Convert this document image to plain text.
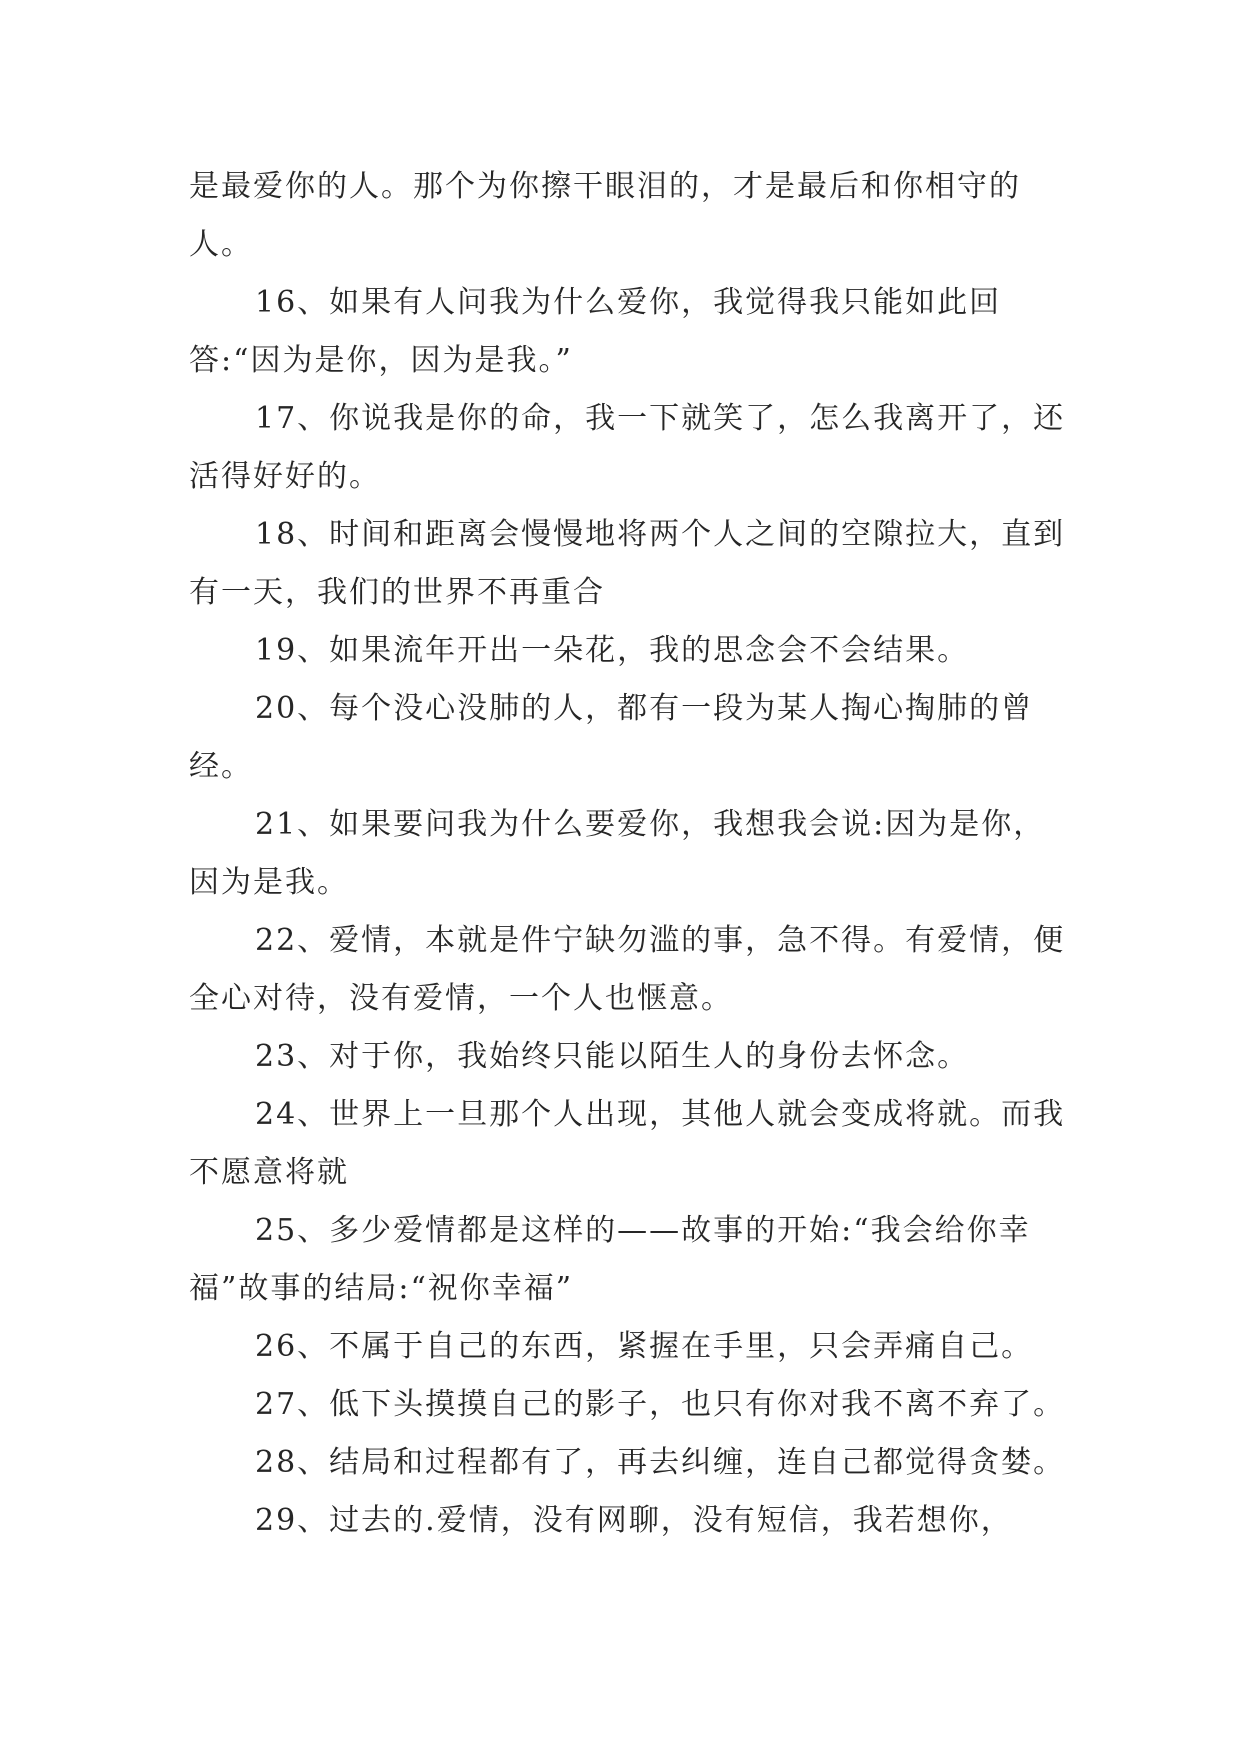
是最爱你的人。那个为你擦干眼泪的，才是最后和你相守的人。

16、如果有人问我为什么爱你，我觉得我只能如此回答:“因为是你，因为是我。”

17、你说我是你的命，我一下就笑了，怎么我离开了，还活得好好的。

18、时间和距离会慢慢地将两个人之间的空隙拉大，直到有一天，我们的世界不再重合

19、如果流年开出一朵花，我的思念会不会结果。

20、每个没心没肺的人，都有一段为某人掏心掏肺的曾经。

21、如果要问我为什么要爱你，我想我会说:因为是你，因为是我。

22、爱情，本就是件宁缺勿滥的事，急不得。有爱情，便全心对待，没有爱情，一个人也惬意。

23、对于你，我始终只能以陌生人的身份去怀念。

24、世界上一旦那个人出现，其他人就会变成将就。而我不愿意将就

25、多少爱情都是这样的——故事的开始:“我会给你幸福”故事的结局:“祝你幸福”

26、不属于自己的东西，紧握在手里，只会弄痛自己。

27、低下头摸摸自己的影子，也只有你对我不离不弃了。

28、结局和过程都有了，再去纠缠，连自己都觉得贪婪。

29、过去的.爱情，没有网聊，没有短信，我若想你，
